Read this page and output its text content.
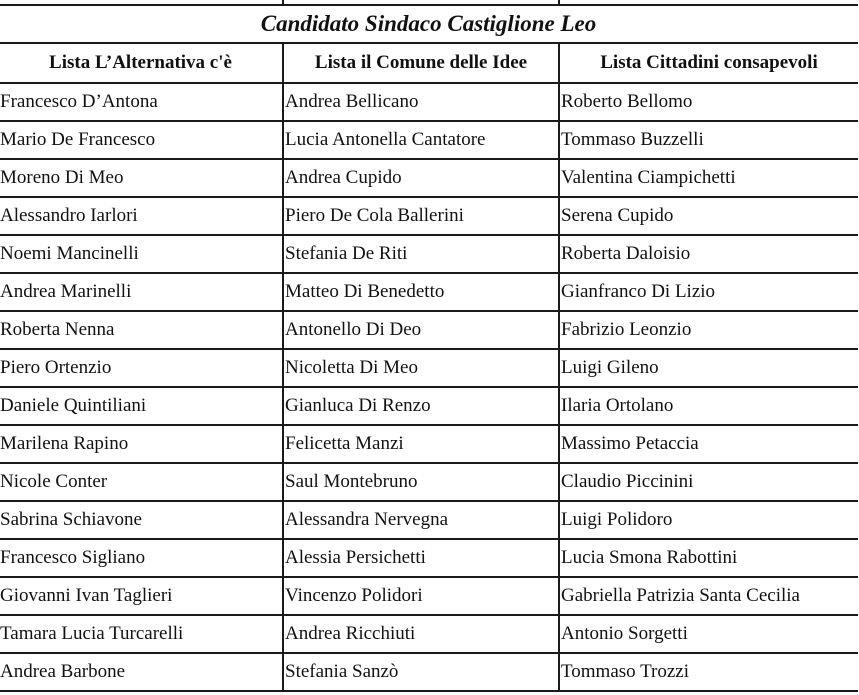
Candidato Sindaco Castiglione Leo		
Lista L’Alternativa c'è	Lista il Comune delle Idee	Lista Cittadini consapevoli
Francesco D’Antona	Andrea Bellicano	Roberto Bellomo
Mario De Francesco	Lucia Antonella Cantatore	Tommaso Buzzelli
Moreno Di Meo	Andrea Cupido	Valentina Ciampichetti
Alessandro Iarlori	Piero De Cola Ballerini	Serena Cupido
Noemi Mancinelli	Stefania De Riti	Roberta Daloisio
Andrea Marinelli	Matteo Di Benedetto	Gianfranco Di Lizio
Roberta Nenna	Antonello Di Deo	Fabrizio Leonzio
Piero Ortenzio	Nicoletta Di Meo	Luigi Gileno
Daniele Quintiliani	Gianluca Di Renzo	Ilaria Ortolano
Marilena Rapino	Felicetta Manzi	Massimo Petaccia
Nicole Conter	Saul Montebruno	Claudio Piccinini
Sabrina Schiavone	Alessandra Nervegna	Luigi Polidoro
Francesco Sigliano	Alessia Persichetti	Lucia Smona Rabottini
Giovanni Ivan Taglieri	Vincenzo Polidori	Gabriella Patrizia Santa Cecilia
Tamara Lucia Turcarelli	Andrea Ricchiuti	Antonio Sorgetti
Andrea Barbone	Stefania Sanzò	Tommaso Trozzi
